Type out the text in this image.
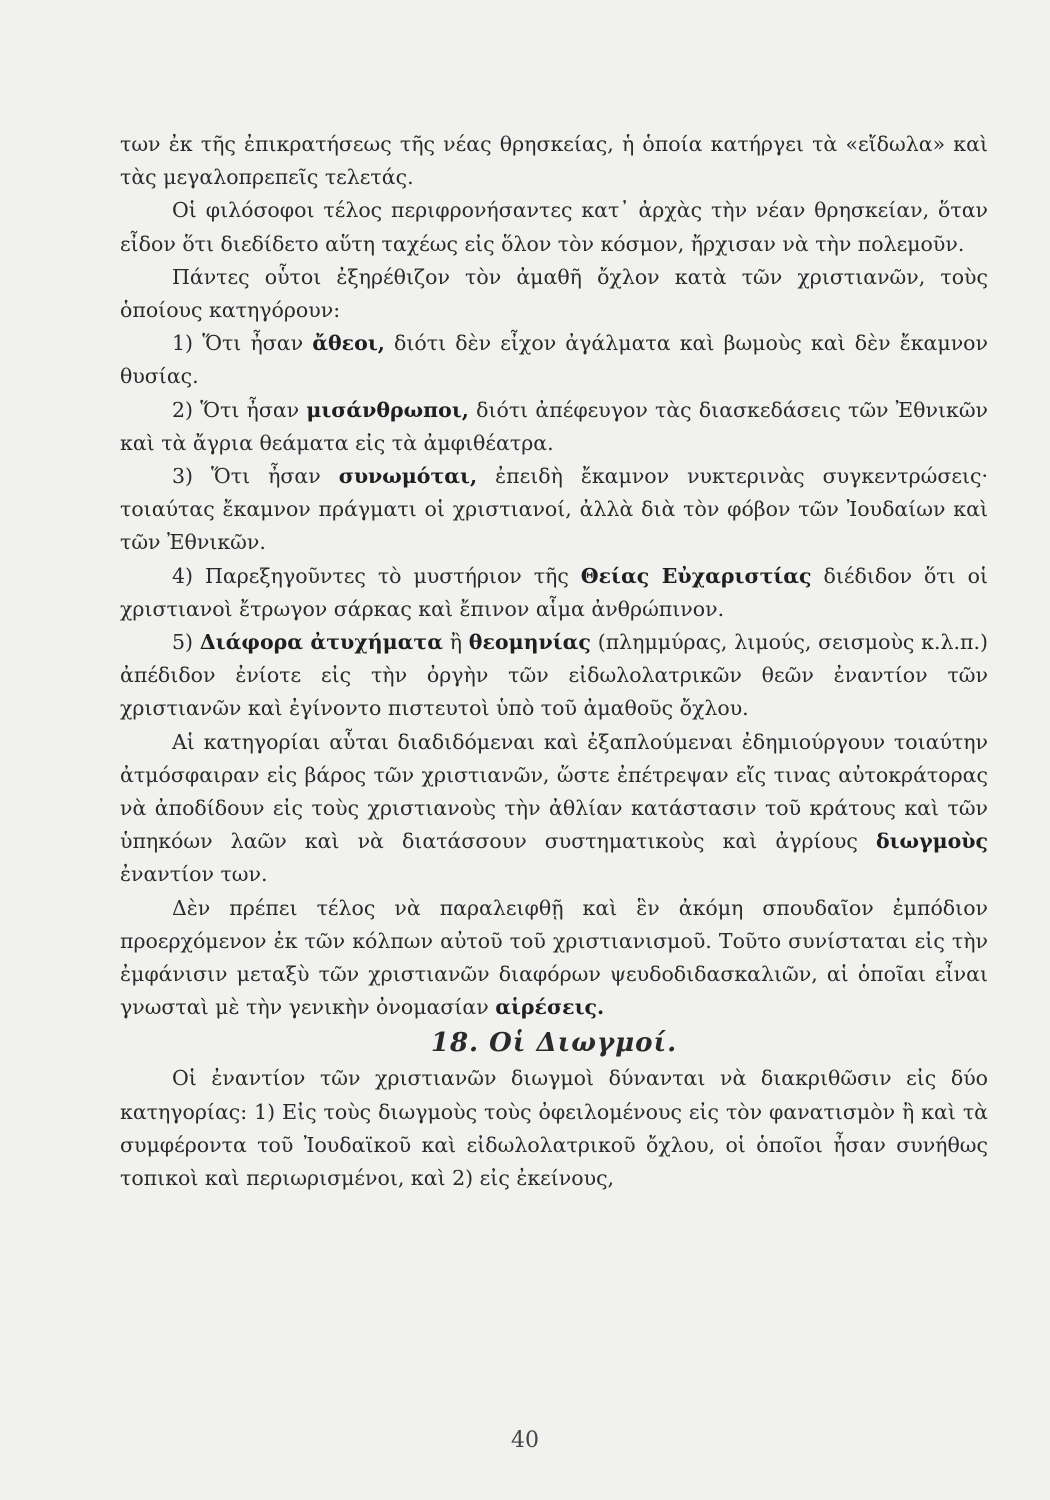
των ἐκ τῆς ἐπικρατήσεως τῆς νέας θρησκείας, ἡ ὁποία κατήργει τὰ «εἴδωλα» καὶ τὰς μεγαλοπρεπεῖς τελετάς.

Οἱ φιλόσοφοι τέλος περιφρονήσαντες κατ᾽ ἀρχὰς τὴν νέαν θρησκείαν, ὅταν εἶδον ὅτι διεδίδετο αὕτη ταχέως εἰς ὅλον τὸν κόσμον, ἤρχισαν νὰ τὴν πολεμοῦν.

Πάντες οὗτοι ἐξηρέθιζον τὸν ἀμαθῆ ὄχλον κατὰ τῶν χριστιανῶν, τοὺς ὁποίους κατηγόρουν:

1) Ὅτι ἦσαν ἄθεοι, διότι δὲν εἶχον ἀγάλματα καὶ βωμοὺς καὶ δὲν ἔκαμνον θυσίας.

2) Ὅτι ἦσαν μισάνθρωποι, διότι ἀπέφευγον τὰς διασκεδάσεις τῶν Ἐθνικῶν καὶ τὰ ἄγρια θεάματα εἰς τὰ ἀμφιθέατρα.

3) Ὅτι ἦσαν συνωμόται, ἐπειδὴ ἔκαμνον νυκτερινὰς συγκεντρώσεις· τοιαύτας ἔκαμνον πράγματι οἱ χριστιανοί, ἀλλὰ διὰ τὸν φόβον τῶν Ἰουδαίων καὶ τῶν Ἐθνικῶν.

4) Παρεξηγοῦντες τὸ μυστήριον τῆς Θείας Εὐχαριστίας διέδιδον ὅτι οἱ χριστιανοὶ ἔτρωγον σάρκας καὶ ἔπινον αἷμα ἀνθρώπινον.

5) Διάφορα ἀτυχήματα ἢ θεομηνίας (πλημμύρας, λιμούς, σεισμοὺς κ.λ.π.) ἀπέδιδον ἐνίοτε εἰς τὴν ὀργὴν τῶν εἰδωλολατρικῶν θεῶν ἐναντίον τῶν χριστιανῶν καὶ ἐγίνοντο πιστευτοὶ ὑπὸ τοῦ ἀμαθοῦς ὄχλου.

Αἱ κατηγορίαι αὗται διαδιδόμεναι καὶ ἐξαπλούμεναι ἐδημιούργουν τοιαύτην ἀτμόσφαιραν εἰς βάρος τῶν χριστιανῶν, ὥστε ἐπέτρεψαν εἴς τινας αὐτοκράτορας νὰ ἀποδίδουν εἰς τοὺς χριστιανοὺς τὴν ἀθλίαν κατάστασιν τοῦ κράτους καὶ τῶν ὑπηκόων λαῶν καὶ νὰ διατάσσουν συστηματικοὺς καὶ ἀγρίους διωγμοὺς ἐναντίον των.

Δὲν πρέπει τέλος νὰ παραλειφθῇ καὶ ἓν ἀκόμη σπουδαῖον ἐμπόδιον προερχόμενον ἐκ τῶν κόλπων αὐτοῦ τοῦ χριστιανισμοῦ. Τοῦτο συνίσταται εἰς τὴν ἐμφάνισιν μεταξὺ τῶν χριστιανῶν διαφόρων ψευδοδιδασκαλιῶν, αἱ ὁποῖαι εἶναι γνωσταὶ μὲ τὴν γενικὴν ὀνομασίαν αἱρέσεις.

18. Οἱ Διωγμοί.

Οἱ ἐναντίον τῶν χριστιανῶν διωγμοὶ δύνανται νὰ διακριθῶσιν εἰς δύο κατηγορίας: 1) Εἰς τοὺς διωγμοὺς τοὺς ὀφειλομένους εἰς τὸν φανατισμὸν ἢ καὶ τὰ συμφέροντα τοῦ Ἰουδαϊκοῦ καὶ εἰδωλολατρικοῦ ὄχλου, οἱ ὁποῖοι ἦσαν συνήθως τοπικοὶ καὶ περιωρισμένοι, καὶ 2) εἰς ἐκείνους,

40
